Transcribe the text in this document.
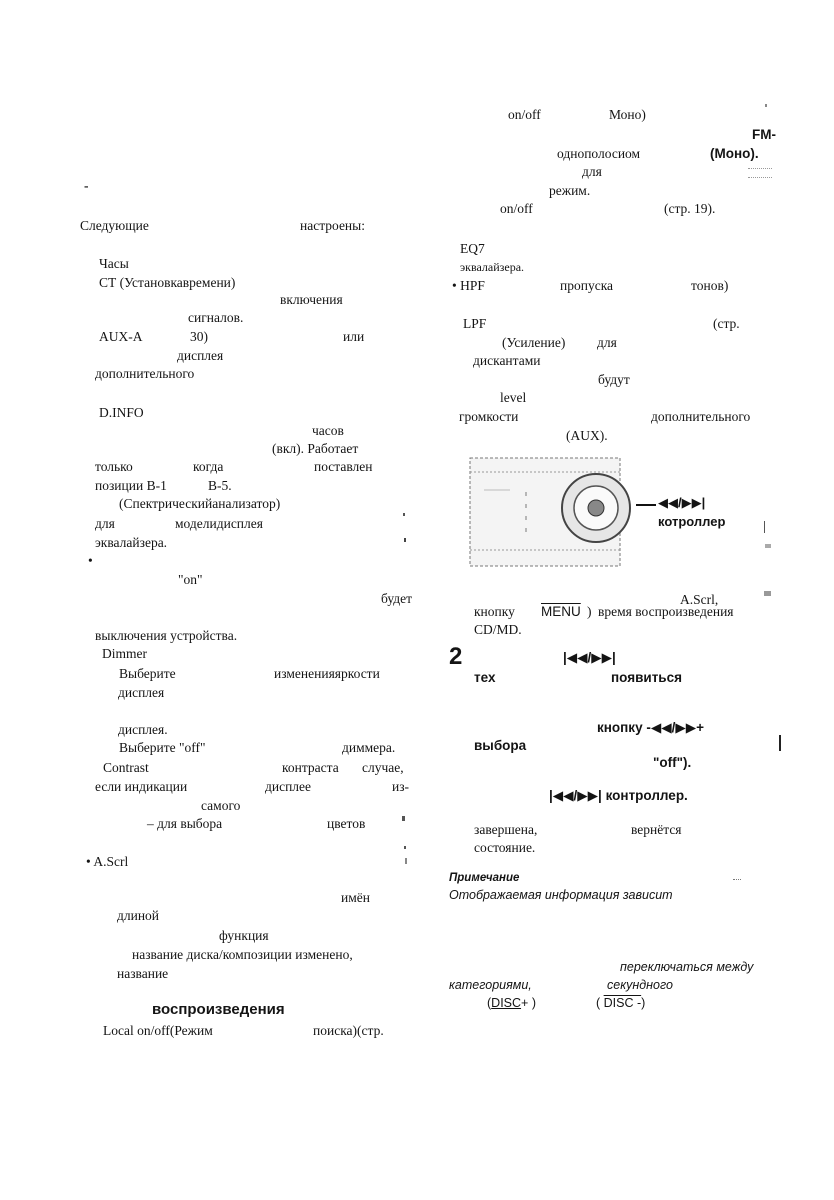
-
Следующие	настроены:
Часы
СТ (Установкавремени)
включения
сигналов.
AUX-A	30)	или
дисплея
дополнительного
D.INFO
часов
(вкл). Работает
только	когда	поставлен
позиции В-1	В-5.
(Спектрическийанализатор)
для	моделидисплея
эквалайзера.
•
"on"
будет
выключения устройства.
Dimmer
Выберите	измененияяркости
дисплея
дисплея.
Выберите "off"	диммера.
Contrast	контраста случае,
если индикации	дисплее	из-
самого
– для выбора	цветов
• A.Scrl
имён
длиной
функция
название диска/композиции изменено,
название
воспроизведения
Local on/off(Режим	поиска)(стр.
on/off	Моно)
FM-
однополосиом	(Моно).
для
режим.
on/off	(стр. 19).
EQ7
эквалайзера.
• HPF	пропуска	тонов)
LPF	(стр.
(Усиление) для
дискантами
будут
level
громкости	дополнительного
(AUX).
◀◀/▶▶|
котроллер
A.Scrl,
кнопку MENU ) время воспроизведения
CD/MD.
2	|◀◀/▶▶|
тех	появиться
кнопку -◀◀/▶▶+
выбора
"off").
|◀◀/▶▶| контроллер.
завершена,	вернётся
состояние.
Примечание
Отображаемая информация зависит
переключаться между
категориями,	секундного
(DISC+ )	( DISC -)
